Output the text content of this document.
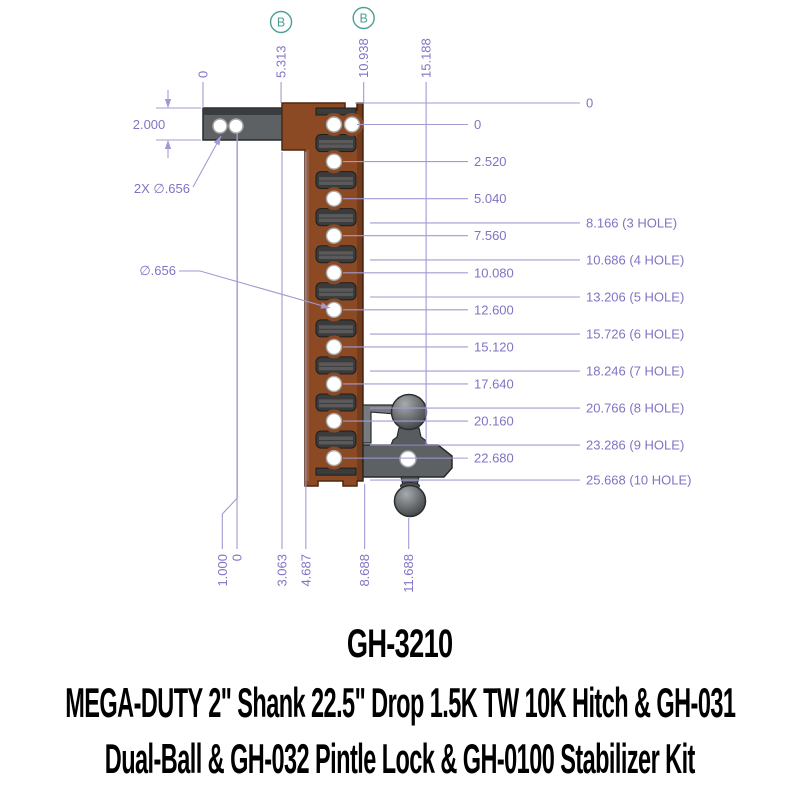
0	5.313
B
10.938
B
15.188
0
2.520
5.040
7.560
10.080
12.600
15.120
17.640
20.160
22.680
0
8.166 (3 HOLE)
10.686 (4 HOLE)
13.206 (5 HOLE)
15.726 (6 HOLE)
18.246 (7 HOLE)
20.766 (8 HOLE)
23.286 (9 HOLE)
25.668 (10 HOLE)
1.000 0 3.063 4.687	8.688 11.688
2.000
2X ∅.656
∅.656
GH-3210
MEGA-DUTY 2" Shank 22.5" Drop 1.5K TW 10K Hitch & GH-031
Dual-Ball & GH-032 Pintle Lock & GH-0100 Stabilizer Kit
